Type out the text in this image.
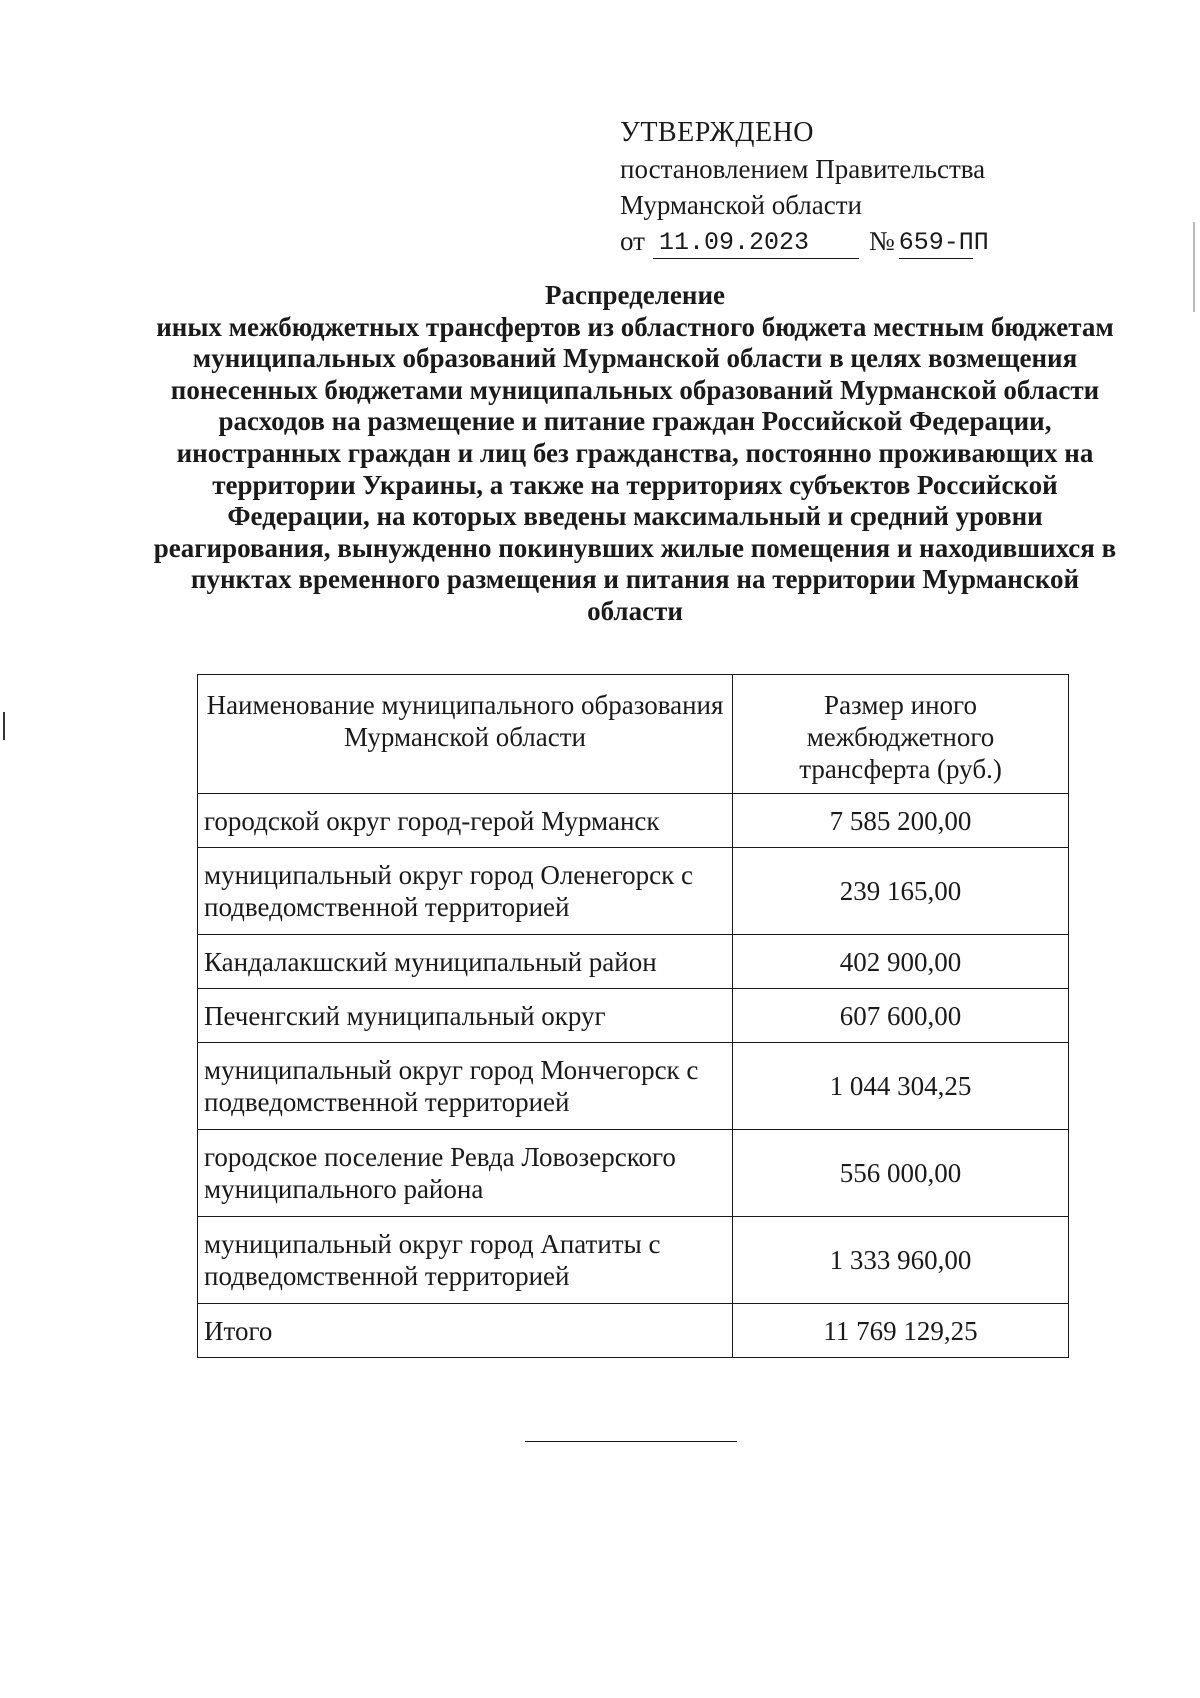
УТВЕРЖДЕНО
постановлением Правительства
Мурманской области
от 11.09.2023	№ 659-ПП
Распределение
иных межбюджетных трансфертов из областного бюджета местным бюджетам муниципальных образований Мурманской области в целях возмещения понесенных бюджетами муниципальных образований Мурманской области расходов на размещение и питание граждан Российской Федерации, иностранных граждан и лиц без гражданства, постоянно проживающих на территории Украины, а также на территориях субъектов Российской Федерации, на которых введены максимальный и средний уровни реагирования, вынужденно покинувших жилые помещения и находившихся в пунктах временного размещения и питания на территории Мурманской области
Наименование муниципального образования Мурманской области	Размер иного межбюджетного трансферта (руб.)
городской округ город-герой Мурманск	7 585 200,00
муниципальный округ город Оленегорск с подведомственной территорией	239 165,00
Кандалакшский муниципальный район	402 900,00
Печенгский муниципальный округ	607 600,00
муниципальный округ город Мончегорск с подведомственной территорией	1 044 304,25
городское поселение Ревда Ловозерского муниципального района	556 000,00
муниципальный округ город Апатиты с подведомственной территорией	1 333 960,00
Итого	11 769 129,25
